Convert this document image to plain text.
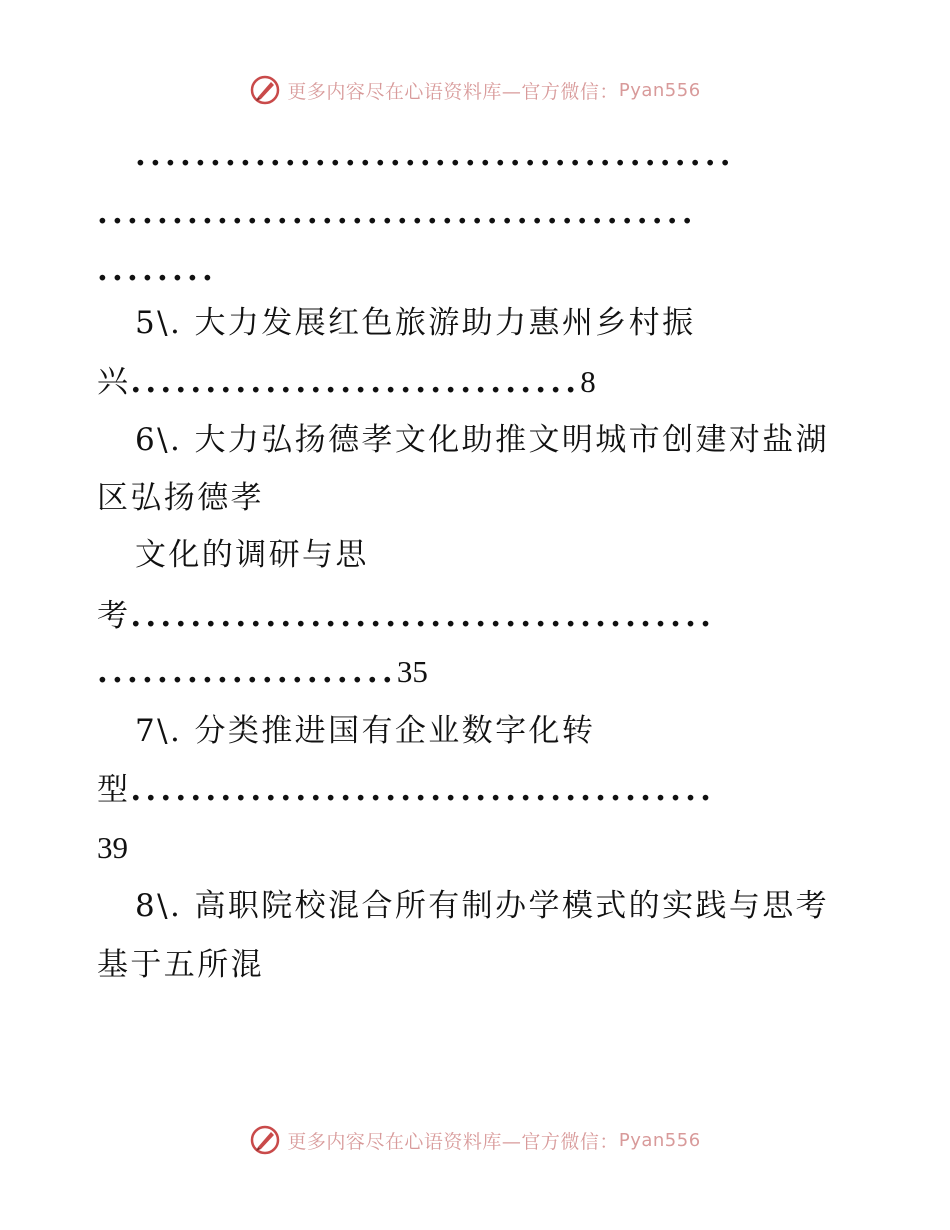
更多内容尽在心语资料库—官方微信： Pyan556
........................................
........................................
........
5\. 大力发展红色旅游助力惠州乡村振
兴..............................8
6\. 大力弘扬德孝文化助推文明城市创建对盐湖
区弘扬德孝
文化的调研与思
考.......................................
....................35
7\. 分类推进国有企业数字化转
型.......................................
39
8\. 高职院校混合所有制办学模式的实践与思考
基于五所混
更多内容尽在心语资料库—官方微信： Pyan556
